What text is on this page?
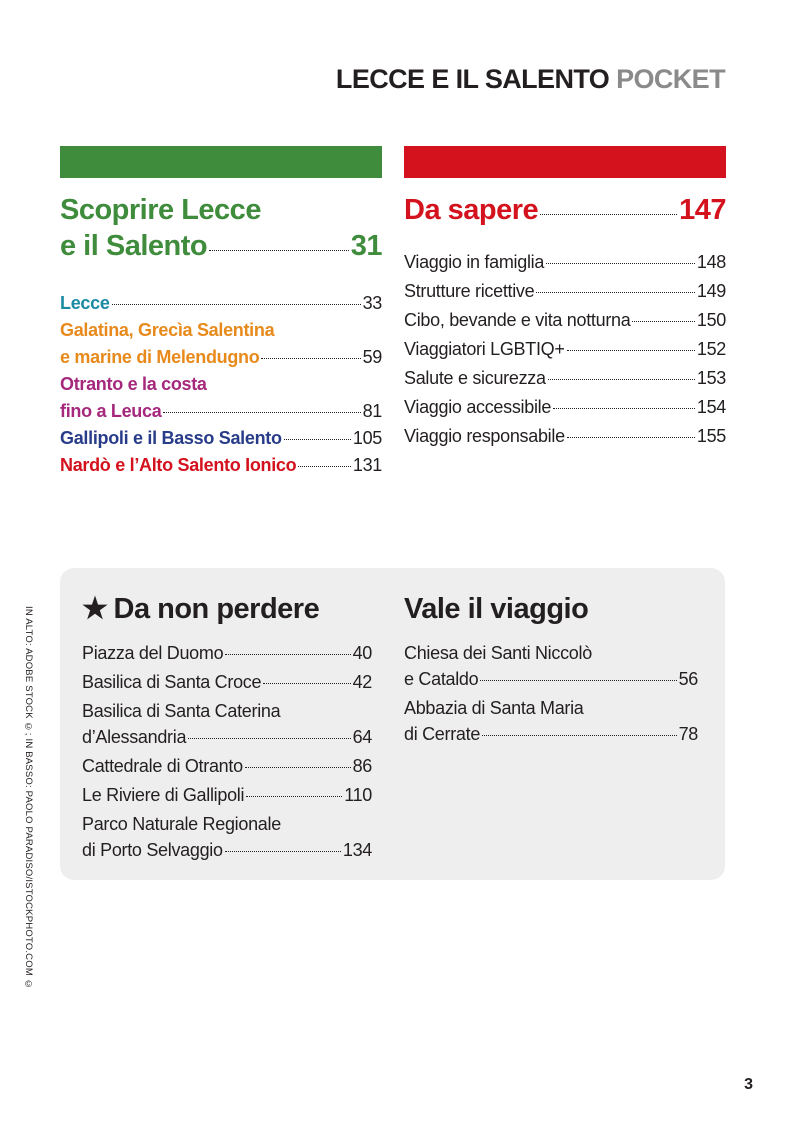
LECCE E IL SALENTO POCKET
Scoprire Lecce
e il Salento	31
Lecce	33
Galatina, Grecìa Salentina
e marine di Melendugno	59
Otranto e la costa
fino a Leuca	81
Gallipoli e il Basso Salento	105
Nardò e l’Alto Salento Ionico	131
Da sapere	147
Viaggio in famiglia	148
Strutture ricettive	149
Cibo, bevande e vita notturna	150
Viaggiatori LGBTIQ+	152
Salute e sicurezza	153
Viaggio accessibile	154
Viaggio responsabile	155
IN ALTO: ADOBE STOCK ©; IN BASSO: PAOLO PARADISO/ISTOCKPHOTO.COM © ★ Da non perdere
Piazza del Duomo	40
Basilica di Santa Croce	42
Basilica di Santa Caterina
d’Alessandria	64
Cattedrale di Otranto	86
Le Riviere di Gallipoli	110
Parco Naturale Regionale
di Porto Selvaggio	134
Vale il viaggio
Chiesa dei Santi Niccolò
e Cataldo	56
Abbazia di Santa Maria
di Cerrate	78
3
